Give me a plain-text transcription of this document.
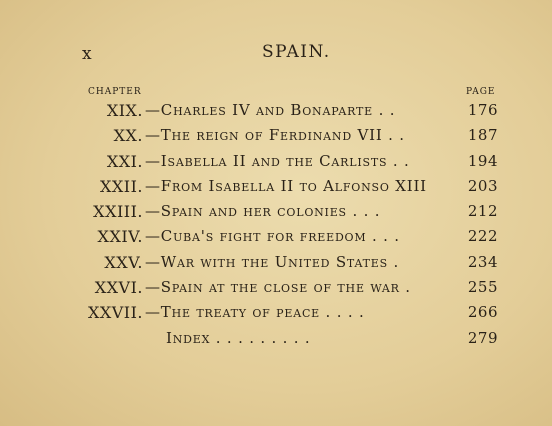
x	SPAIN.
CHAPTER	PAGE
XIX. —Charles IV and Bonaparte . .	176
XX. —The reign of Ferdinand VII . .	187
XXI. —Isabella II and the Carlists . .	194
XXII. —From Isabella II to Alfonso XIII	203
XXIII. —Spain and her colonies . . .	212
XXIV. —Cuba's fight for freedom . . .	222
XXV. —War with the United States .	234
XXVI. —Spain at the close of the war .	255
XXVII. —The treaty of peace . . . .	266
Index . . . . . . . . .	279
